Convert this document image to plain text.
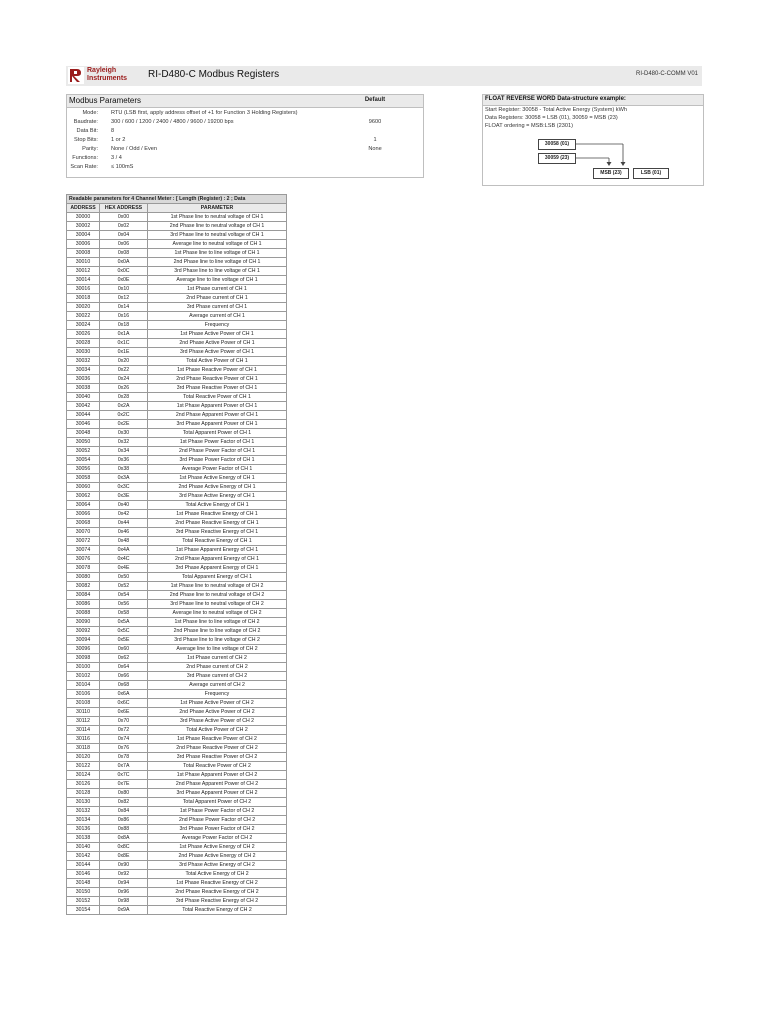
Rayleigh
Instruments RI-D480-C Modbus Registers	RI-D480-C-COMM V01
Modbus Parameters	Default
Mode: RTU (LSB first, apply address offset of +1 for Function 3 Holding Registers)
Baudrate: 300 / 600 / 1200 / 2400 / 4800 / 9600 / 19200 bps	9600
Data Bit: 8
Stop Bits: 1 or 2	1
Parity: None / Odd / Even	None
Functions: 3 / 4
Scan Rate: ≤ 100mS
FLOAT REVERSE WORD Data-structure example:
Start Register: 30058 - Total Active Energy (System) kWh
Data Registers: 30058 = LSB (01), 30059 = MSB (23)
FLOAT ordering = MSB:LSB (2301)
30058 (01)
30059 (23)
MSB (23)	LSB (01)
Readable parameters for 4 Channel Meter : [ Length (Register) : 2 ; Data		
ADDRESS	HEX ADDRESS	PARAMETER
30000	0x00	1st Phase line to neutral voltage of CH 1
30002	0x02	2nd Phase line to neutral voltage of CH 1
30004	0x04	3rd Phase line to neutral voltage of CH 1
30006	0x06	Average line to neutral voltage of CH 1
30008	0x08	1st Phase line to line voltage of CH 1
30010	0x0A	2nd Phase line to line voltage of CH 1
30012	0x0C	3rd Phase line to line voltage of CH 1
30014	0x0E	Average line to line voltage of CH 1
30016	0x10	1st Phase current of CH 1
30018	0x12	2nd Phase current of CH 1
30020	0x14	3rd Phase current of CH 1
30022	0x16	Average current of CH 1
30024	0x18	Frequency
30026	0x1A	1st Phase Active Power of CH 1
30028	0x1C	2nd Phase Active Power of CH 1
30030	0x1E	3rd Phase Active Power of CH 1
30032	0x20	Total Active Power of CH 1
30034	0x22	1st Phase Reactive Power of CH 1
30036	0x24	2nd Phase Reactive Power of CH 1
30038	0x26	3rd Phase Reactive Power of CH 1
30040	0x28	Total Reactive Power of CH 1
30042	0x2A	1st Phase Apparent Power of CH 1
30044	0x2C	2nd Phase Apparent Power of CH 1
30046	0x2E	3rd Phase Apparent Power of CH 1
30048	0x30	Total Apparent Power of CH 1
30050	0x32	1st Phase Power Factor of CH 1
30052	0x34	2nd Phase Power Factor of CH 1
30054	0x36	3rd Phase Power Factor of CH 1
30056	0x38	Average Power Factor of CH 1
30058	0x3A	1st Phase Active Energy of CH 1
30060	0x3C	2nd Phase Active Energy of CH 1
30062	0x3E	3rd Phase Active Energy of CH 1
30064	0x40	Total Active Energy of CH 1
30066	0x42	1st Phase Reactive Energy of CH 1
30068	0x44	2nd Phase Reactive Energy of CH 1
30070	0x46	3rd Phase Reactive Energy of CH 1
30072	0x48	Total Reactive Energy of CH 1
30074	0x4A	1st Phase Apparent Energy of CH 1
30076	0x4C	2nd Phase Apparent Energy of CH 1
30078	0x4E	3rd Phase Apparent Energy of CH 1
30080	0x50	Total Apparent Energy of CH 1
30082	0x52	1st Phase line to neutral voltage of CH 2
30084	0x54	2nd Phase line to neutral voltage of CH 2
30086	0x56	3rd Phase line to neutral voltage of CH 2
30088	0x58	Average line to neutral voltage of CH 2
30090	0x5A	1st Phase line to line voltage of CH 2
30092	0x5C	2nd Phase line to line voltage of CH 2
30094	0x5E	3rd Phase line to line voltage of CH 2
30096	0x60	Average line to line voltage of CH 2
30098	0x62	1st Phase current of CH 2
30100	0x64	2nd Phase current of CH 2
30102	0x66	3rd Phase current of CH 2
30104	0x68	Average current of CH 2
30106	0x6A	Frequency
30108	0x6C	1st Phase Active Power of CH 2
30110	0x6E	2nd Phase Active Power of CH 2
30112	0x70	3rd Phase Active Power of CH 2
30114	0x72	Total Active Power of CH 2
30116	0x74	1st Phase Reactive Power of CH 2
30118	0x76	2nd Phase Reactive Power of CH 2
30120	0x78	3rd Phase Reactive Power of CH 2
30122	0x7A	Total Reactive Power of CH 2
30124	0x7C	1st Phase Apparent Power of CH 2
30126	0x7E	2nd Phase Apparent Power of CH 2
30128	0x80	3rd Phase Apparent Power of CH 2
30130	0x82	Total Apparent Power of CH 2
30132	0x84	1st Phase Power Factor of CH 2
30134	0x86	2nd Phase Power Factor of CH 2
30136	0x88	3rd Phase Power Factor of CH 2
30138	0x8A	Average Power Factor of CH 2
30140	0x8C	1st Phase Active Energy of CH 2
30142	0x8E	2nd Phase Active Energy of CH 2
30144	0x90	3rd Phase Active Energy of CH 2
30146	0x92	Total Active Energy of CH 2
30148	0x94	1st Phase Reactive Energy of CH 2
30150	0x96	2nd Phase Reactive Energy of CH 2
30152	0x98	3rd Phase Reactive Energy of CH 2
30154	0x9A	Total Reactive Energy of CH 2
